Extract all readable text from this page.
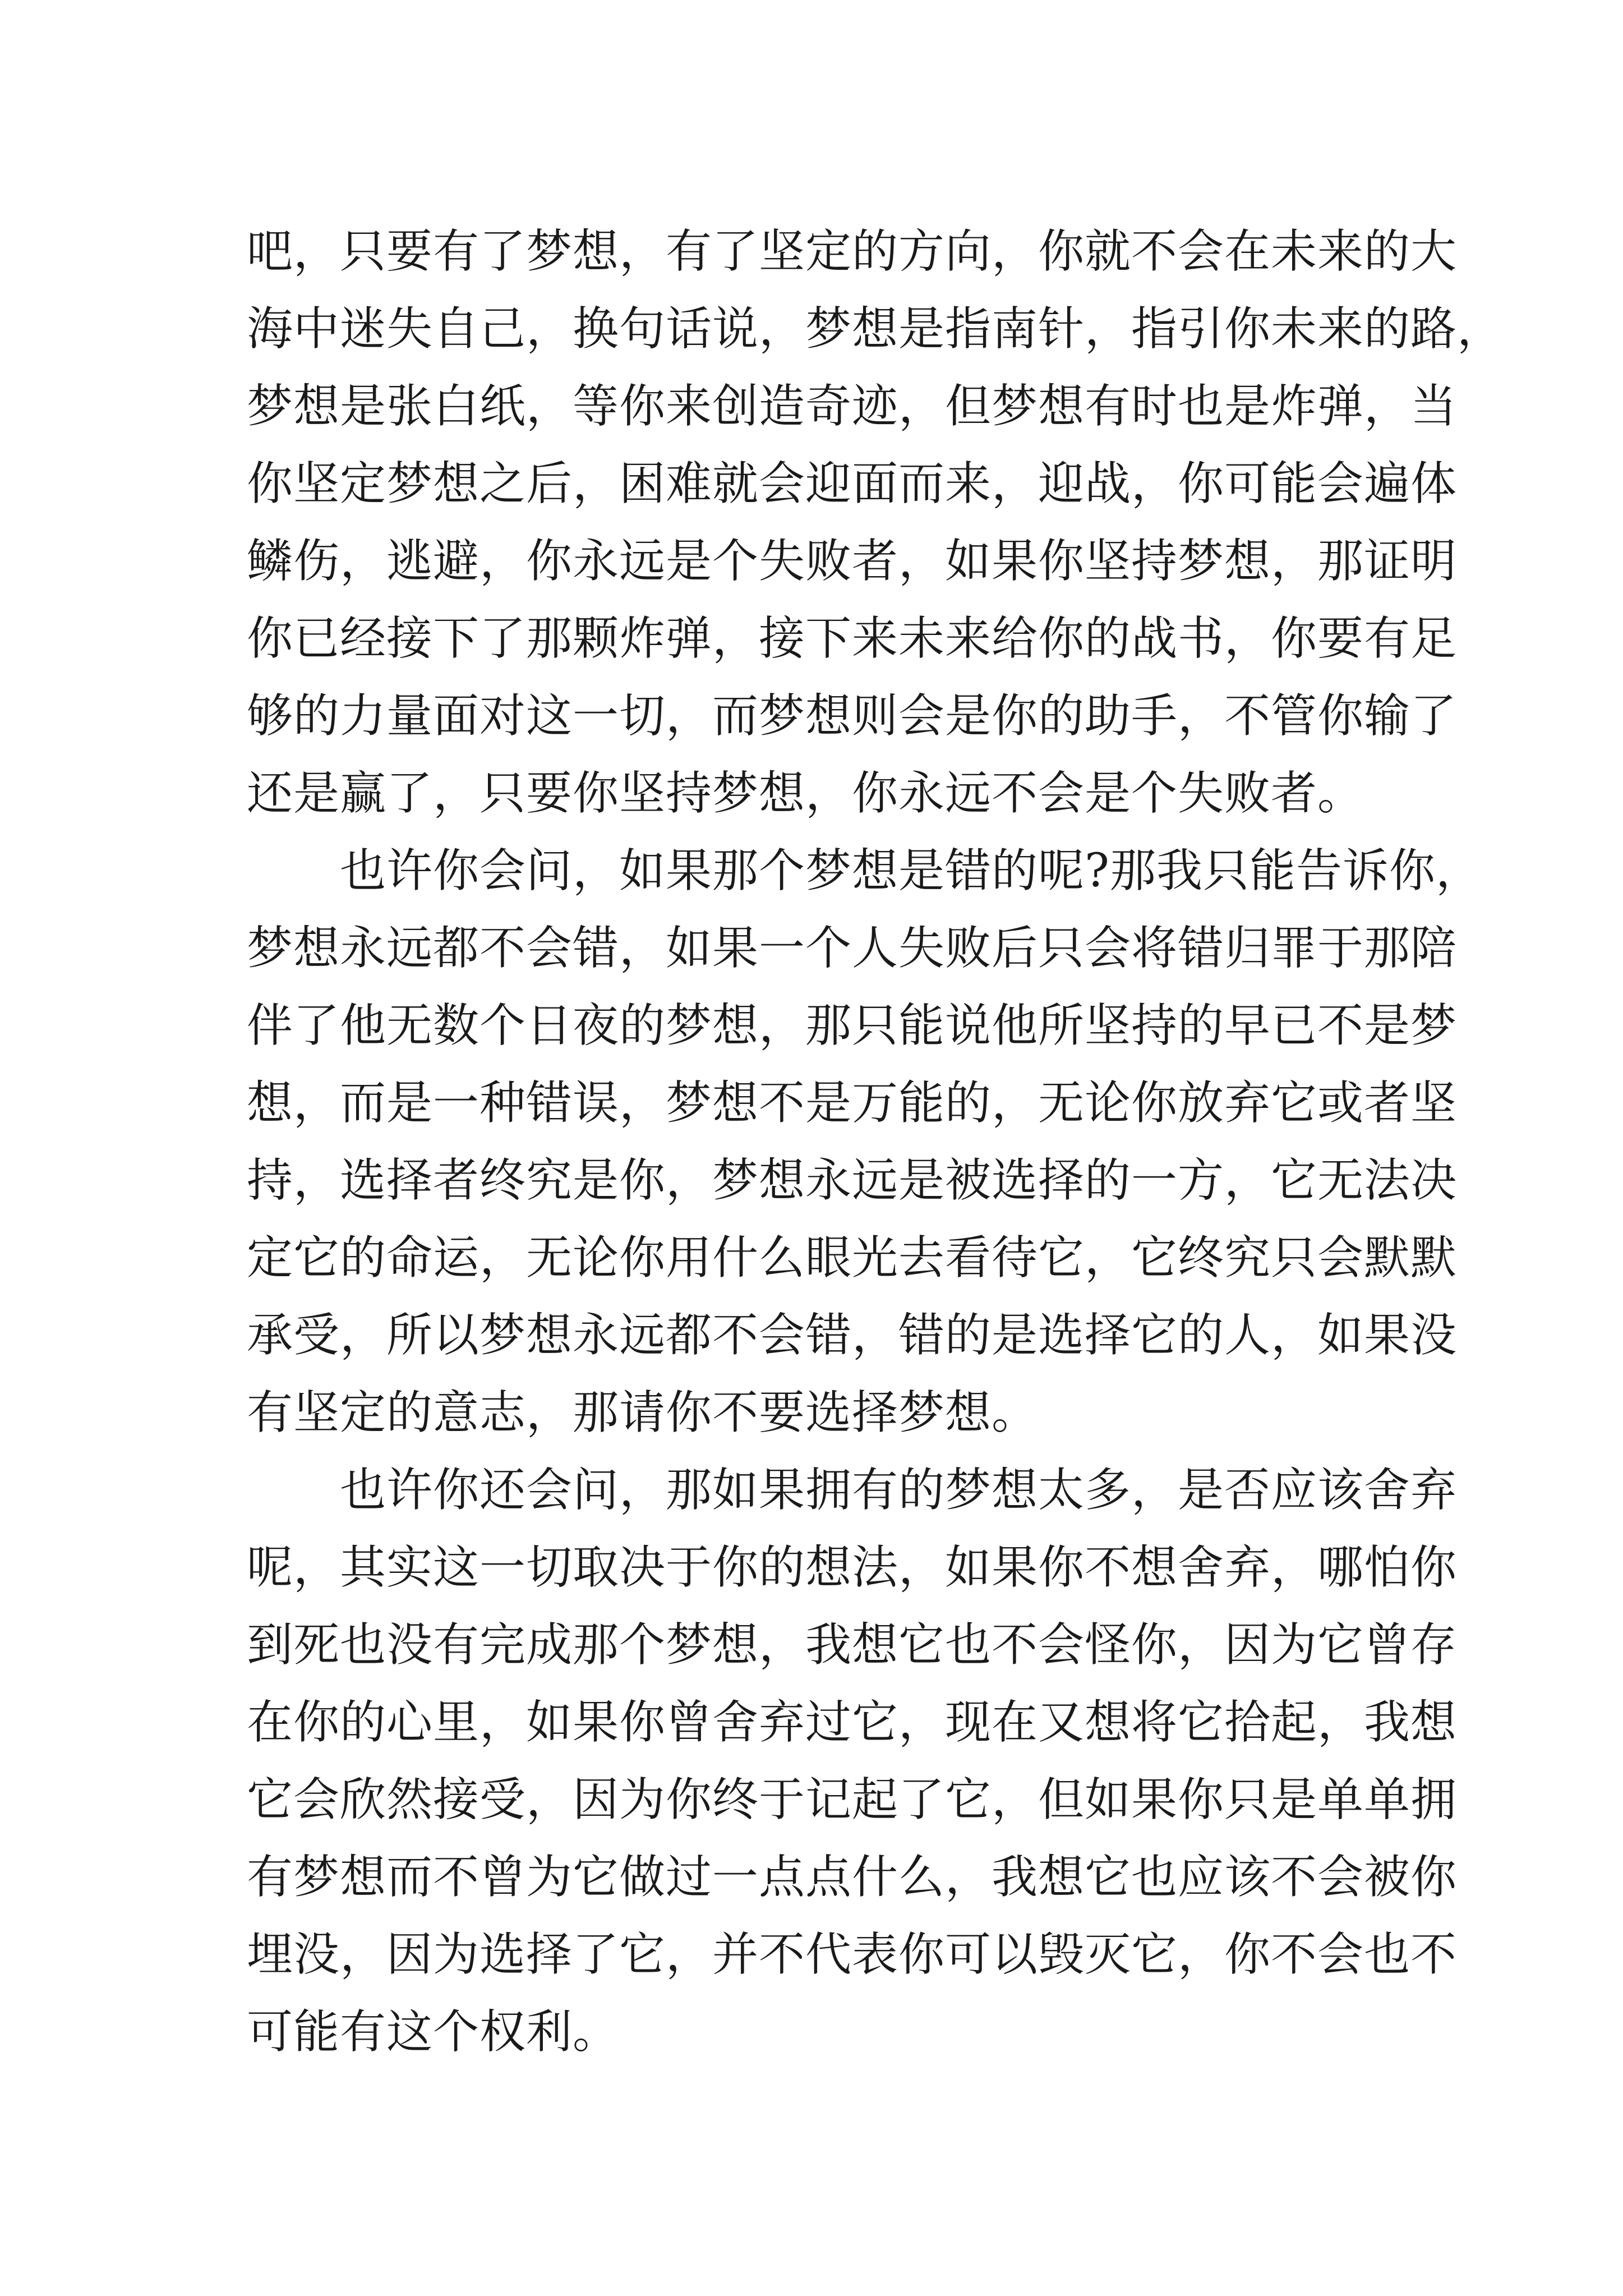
吧，只要有了梦想，有了坚定的方向，你就不会在未来的大
海中迷失自己，换句话说，梦想是指南针，指引你未来的路，
梦想是张白纸，等你来创造奇迹，但梦想有时也是炸弹，当
你坚定梦想之后，困难就会迎面而来，迎战，你可能会遍体
鳞伤，逃避，你永远是个失败者，如果你坚持梦想，那证明
你已经接下了那颗炸弹，接下来未来给你的战书，你要有足
够的力量面对这一切，而梦想则会是你的助手，不管你输了
还是赢了，只要你坚持梦想，你永远不会是个失败者。
　　也许你会问，如果那个梦想是错的呢?那我只能告诉你，
梦想永远都不会错，如果一个人失败后只会将错归罪于那陪
伴了他无数个日夜的梦想，那只能说他所坚持的早已不是梦
想，而是一种错误，梦想不是万能的，无论你放弃它或者坚
持，选择者终究是你，梦想永远是被选择的一方，它无法决
定它的命运，无论你用什么眼光去看待它，它终究只会默默
承受，所以梦想永远都不会错，错的是选择它的人，如果没
有坚定的意志，那请你不要选择梦想。
　　也许你还会问，那如果拥有的梦想太多，是否应该舍弃
呢，其实这一切取决于你的想法，如果你不想舍弃，哪怕你
到死也没有完成那个梦想，我想它也不会怪你，因为它曾存
在你的心里，如果你曾舍弃过它，现在又想将它拾起，我想
它会欣然接受，因为你终于记起了它，但如果你只是单单拥
有梦想而不曾为它做过一点点什么，我想它也应该不会被你
埋没，因为选择了它，并不代表你可以毁灭它，你不会也不
可能有这个权利。
